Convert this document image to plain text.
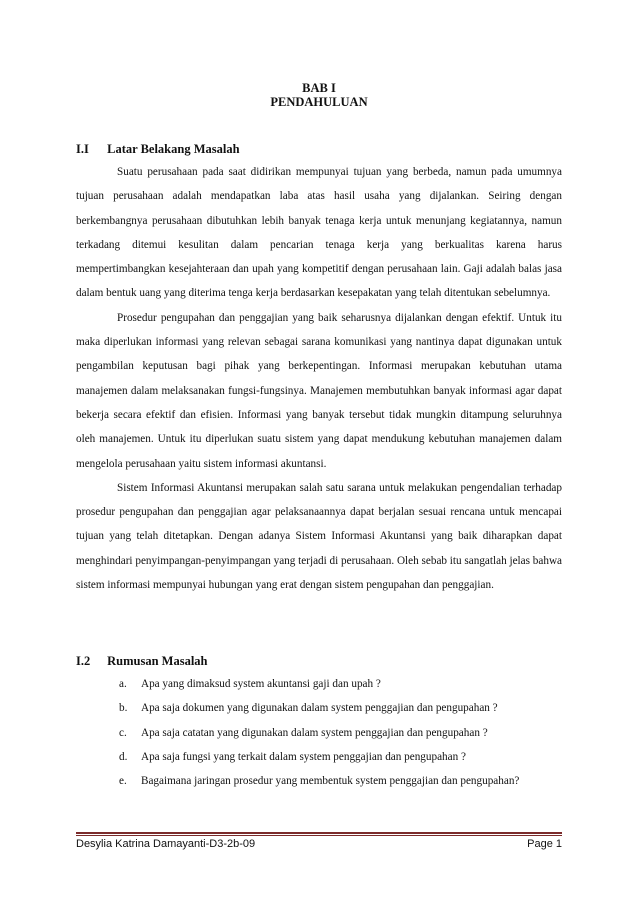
BAB I
PENDAHULUAN
I.I Latar Belakang Masalah

Suatu perusahaan pada saat didirikan mempunyai tujuan yang berbeda, namun pada umumnya tujuan perusahaan adalah mendapatkan laba atas hasil usaha yang dijalankan. Seiring dengan berkembangnya perusahaan dibutuhkan lebih banyak tenaga kerja untuk menunjang kegiatannya, namun terkadang ditemui kesulitan dalam pencarian tenaga kerja yang berkualitas karena harus mempertimbangkan kesejahteraan dan upah yang kompetitif dengan perusahaan lain. Gaji adalah balas jasa dalam bentuk uang yang diterima tenga kerja berdasarkan kesepakatan yang telah ditentukan sebelumnya.

Prosedur pengupahan dan penggajian yang baik seharusnya dijalankan dengan efektif. Untuk itu maka diperlukan informasi yang relevan sebagai sarana komunikasi yang nantinya dapat digunakan untuk pengambilan keputusan bagi pihak yang berkepentingan. Informasi merupakan kebutuhan utama manajemen dalam melaksanakan fungsi-fungsinya. Manajemen membutuhkan banyak informasi agar dapat bekerja secara efektif dan efisien. Informasi yang banyak tersebut tidak mungkin ditampung seluruhnya oleh manajemen. Untuk itu diperlukan suatu sistem yang dapat mendukung kebutuhan manajemen dalam mengelola perusahaan yaitu sistem informasi akuntansi.

Sistem Informasi Akuntansi merupakan salah satu sarana untuk melakukan pengendalian terhadap prosedur pengupahan dan penggajian agar pelaksanaannya dapat berjalan sesuai rencana untuk mencapai tujuan yang telah ditetapkan. Dengan adanya Sistem Informasi Akuntansi yang baik diharapkan dapat menghindari penyimpangan-penyimpangan yang terjadi di perusahaan. Oleh sebab itu sangatlah jelas bahwa sistem informasi mempunyai hubungan yang erat dengan sistem pengupahan dan penggajian.

I.2 Rumusan Masalah
a. Apa yang dimaksud system akuntansi gaji dan upah ?
b. Apa saja dokumen yang digunakan dalam system penggajian dan pengupahan ?
c. Apa saja catatan yang digunakan dalam system penggajian dan pengupahan ?
d. Apa saja fungsi yang terkait dalam system penggajian dan pengupahan ?
e. Bagaimana jaringan prosedur yang membentuk system penggajian dan pengupahan?
Desylia Katrina Damayanti-D3-2b-09	Page 1
